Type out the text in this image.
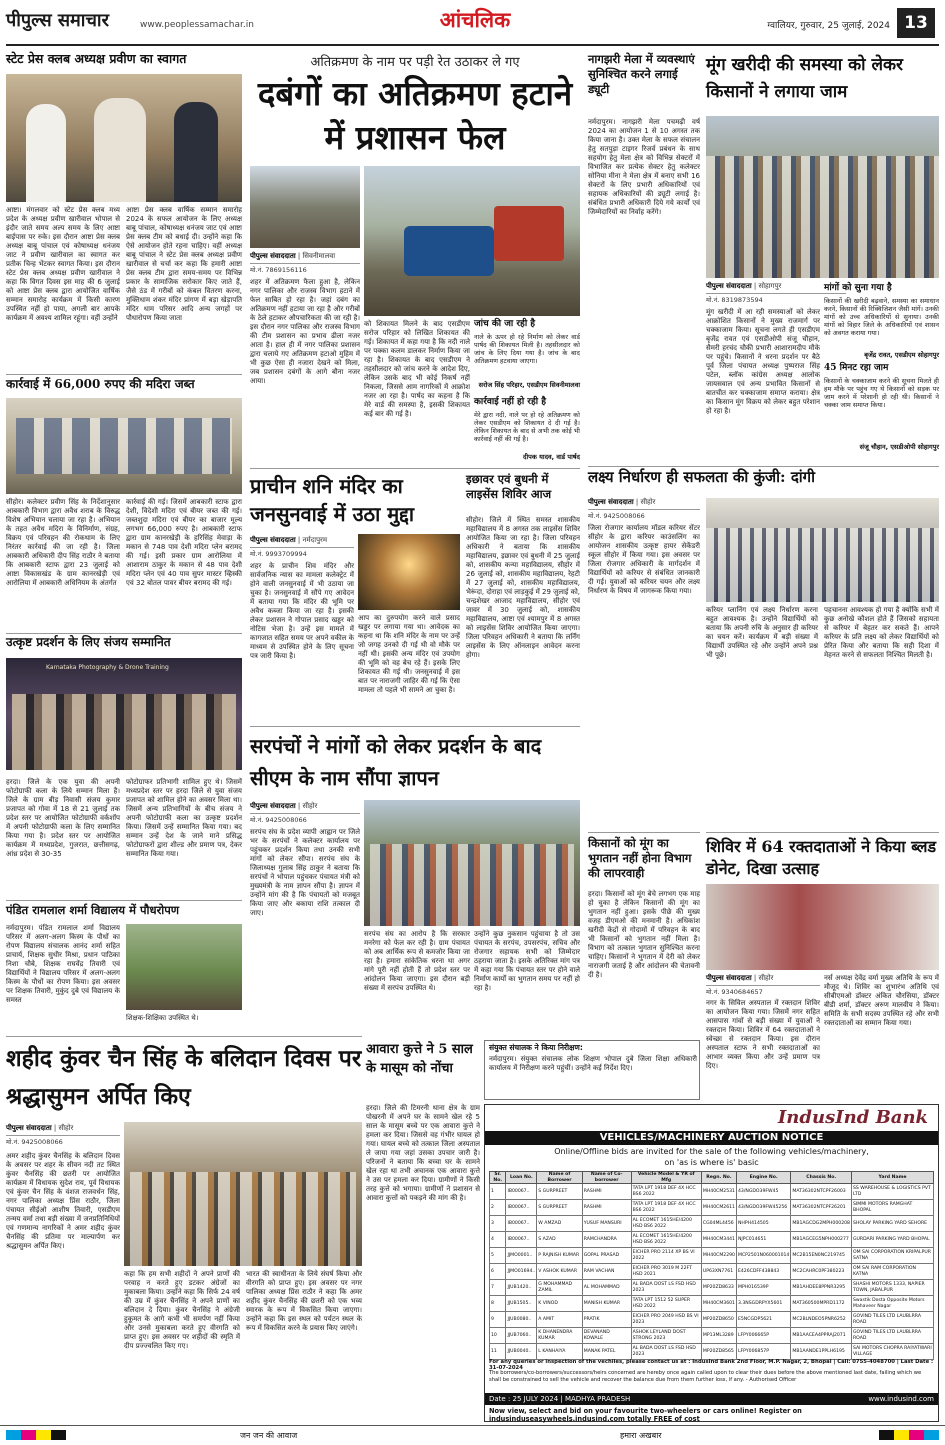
पीपुल्स समाचार	www.peoplessamachar.in	आंचलिक	ग्वालियर, गुरुवार, 25 जुलाई, 2024 13
स्टेट प्रेस क्लब अध्यक्ष प्रवीण का स्वागत
आष्टा। मंगलवार को स्टेट प्रेस क्लब मध्य प्रदेश के अध्यक्ष प्रवीण खारीवाल भोपाल से इंदौर जाते समय अल्प समय के लिए आष्टा बाईपास पर रुके। इस दौरान आष्टा प्रेस क्लब अध्यक्ष बाबू पांचाल एवं कोषाध्यक्ष धनंजय जाट ने प्रवीण खारीवाल का स्वागत कर प्रतीक चिन्ह भेंटकर स्वागत किया। इस दौरान स्टेट प्रेस क्लब अध्यक्ष प्रवीण खारीवाल ने कहा कि विगत दिवस इस माह की 6 जुलाई को आष्टा प्रेस क्लब द्वारा आयोजित वार्षिक सम्मान समारोह कार्यक्रम में किसी कारण उपस्थित नहीं हो पाया, अगली बार आपके कार्यक्रम में अवश्य शामिल रहूंगा। वहीं उन्होंने
आष्टा प्रेस क्लब वार्षिक सम्मान समारोह 2024 के सफल आयोजन के लिए अध्यक्ष बाबू पांचाल, कोषाध्यक्ष धनंजय जाट एवं आष्टा प्रेस क्लब टीम को बधाई दी। उन्होंने कहा कि ऐसे आयोजन होते रहना चाहिए। वहीं अध्यक्ष बाबू पांचाल ने स्टेट प्रेस क्लब अध्यक्ष प्रवीण खारीवाल से चर्चा कर कहा कि हमारी आष्टा प्रेस क्लब टीम द्वारा समय-समय पर विभिन्न प्रकार के सामाजिक सरोकार किए जाते हैं, जैसे ठंड में गरीबों को कंबल वितरण करना, मुक्तिधाम शंकर मंदिर प्रांगण में बड़ा खेड़ापति मंदिर धाम परिसर आदि अन्य जगहों पर पौधारोपण किया जाता
कार्रवाई में 66,000 रुपए की मदिरा जब्त
सीहोर। कलेक्टर प्रवीण सिंह के निर्देशानुसार आबकारी विभाग द्वारा अवैध शराब के विरुद्ध विशेष अभियान चलाया जा रहा है। अभियान के तहत अवैध मदिरा के विनिर्माण, संग्रह, विक्रय एवं परिवहन की रोकथाम के लिए निरंतर कार्रवाई की जा रही है। जिला आबकारी अधिकारी दीप सिंह राठौर ने बताया कि आबकारी स्टाफ द्वारा 23 जुलाई को आष्टा विकासखंड के ग्राम कानरखेड़ी एवं आरोलिया में आबकारी अधिनियम के अंतर्गत
कार्रवाई की गई। जिसमें आबकारी स्टाफ द्वारा देशी, विदेशी मदिरा एवं बीयर जब्त की गई। जब्तशुदा मदिरा एवं बीयर का बाजार मूल्य लगभग 66,000 रुपए है। आबकारी स्टाफ द्वारा ग्राम कानरखेड़ी के हरिसिंह मेवाड़ा के मकान से 748 पाव देशी मदिरा प्लेन बरामद की गई। इसी प्रकार ग्राम आरोलिया में आशाराम ठाकुर के मकान से 48 पाव देशी मदिरा प्लेन एवं 40 पाव सुपर मास्टर व्हिस्की एवं 32 बोतल पावर बीयर बरामद की गई।
उत्कृष्ट प्रदर्शन के लिए संजय सम्मानित
Karnataka Photography & Drone Training
हरदा। जिले के एक युवा की अपनी फोटोग्राफी कला के लिये सम्मान मिला है। जिले के ग्राम बीड़ निवासी संजय कुमार प्रजापत को गोवा में 18 से 21 जुलाई तक प्रदेश स्तर पर आयोजित फोटोग्राफी वर्कशॉप में अपनी फोटोग्राफी कला के लिए सम्मानित किया गया है। प्रदेश स्तर पर आयोजित कार्यक्रम में मध्यप्रदेश, गुजरात, छत्तीसगढ़, आंध्र प्रदेश से 30-35
फोटोग्राफर प्रतिभागी शामिल हुए थे। जिसमें मध्यप्रदेश स्तर पर हरदा जिले से युवा संजय प्रजापत को शामिल होने का अवसर मिला था। जिसमें अन्य प्रतिभागियों के बीच संजय ने अपनी फोटोग्राफी कला का उत्कृष्ट प्रदर्शन किया। जिसमें उन्हें सम्मानित किया गया। बद सम्मान उन्हें देश के जाने माने प्रसिद्ध फोटोग्राफरों द्वारा शील्ड और प्रमाण पत्र, देकर सम्मानित किया गया।
पंडित रामलाल शर्मा विद्यालय में पौधरोपण
नर्मदापुरम। पंडित रामलाल शर्मा विद्यालय परिसर में अलग-अलग किस्म के पौधों का रोपण विद्यालय संचालक आनंद शर्मा सहित प्राचार्य, शिक्षक सुधीर मिश्रा, प्रधान पाठिका निशा चौबे, शिक्षक राघवेंद्र तिवारी एवं विद्यार्थियों ने विद्यालय परिसर में अलग-अलग किस्म के पौधों का रोपण किया। इस अवसर पर शिक्षक तिवारी, मुकुंद दुबे एवं विद्यालय के समस्त
शिक्षक-शिक्षिका उपस्थित थे।
अतिक्रमण के नाम पर पड़ी रेत उठाकर ले गए
दबंगों का अतिक्रमण हटाने में प्रशासन फेल
पीपुल्स संवाददाता | सिवनीमालवा
मो.नं. 7869156116
शहर में अतिक्रमण फैला हुआ है, लेकिन नगर पालिका और राजस्व विभाग हटाने में फेल साबित हो रहा है। जहां दबंग का अतिक्रमण नहीं हटाया जा रहा है और गरीबों के ठेले हटाकर औपचारिकता की जा रही है। इस दौरान नगर पालिका और राजस्व विभाग की टीम प्रशासन का प्रभाव ढीला नजर आता है। हाल ही में नगर पालिका प्रशासन द्वारा चलाये गए अतिक्रमण हटाओ मुहिम में भी कुछ ऐसा ही नजारा देखने को मिला, जब प्रशासन दबंगों के आगे बौना नजर आया।
को शिकायत मिलने के बाद एसडीएम सरोज परिहार को लिखित शिकायत की गई। शिकायत में कहा गया है कि नदी नाले पर पक्का कलम डालकर निर्माण किया जा रहा है। शिकायत के बाद एसडीएम ने तहसीलदार को जांच करने के आदेश दिए, लेकिन उसके बाद भी कोई निकर्ष नहीं निकला, जिससे आम नागरिकों में आक्रोश नजर आ रहा है। पार्षद का कहना है कि मेरे वार्ड की समस्या है, इसकी शिकायत कई बार की गई है।
जांच की जा रही है
नाले के ऊपर हो रहे निर्माण को लेकर वार्ड पार्षद की शिकायत मिली है। तहसीलदार को जांच के लिए दिया गया है। जांच के बाद अतिक्रमण हटवाया जाएगा।
सरोज सिंह परिहार, एसडीएम सिवनीमालवा
कार्रवाई नहीं हो रही है
मेरे द्वारा नदी, नाले पर हो रहे अतिक्रमण को लेकर एसडीएम को शिकायत दे दी गई है। लेकिन शिकायत के बाद से अभी तक कोई भी कार्रवाई नहीं की गई है।
दीपक यादव, वार्ड पार्षद
प्राचीन शनि मंदिर का जनसुनवाई में उठा मुद्दा
पीपुल्स संवाददाता | नर्मदापुरम
मो.नं. 9993709994
शहर के प्राचीन शिव मंदिर और सार्वजनिक न्यास का मामला कलेक्ट्रेट में होने वाली जनसुनवाई में भी उठाया जा चुका है। जनसुनवाई में सौंपे गए आवेदन में बताया गया कि मंदिर की भूमि पर अवैध कब्जा किया जा रहा है। इसकी लेकर प्रशासन ने गोपाल प्रसाद खड्डर को नोटिस भेजा है। उन्हें इस मामले में कागजात सहित समय पर अपने वकील के माध्यम से उपस्थित होने के लिए सूचना पत्र जारी किया है।
आप का दुरुपयोग करने वाले प्रसाद खड्डर पर लगाया गया था। आवेदक का कहना था कि शनि मंदिर के नाम पर उन्हें जो जगह उनको दी गई थी वो मौके पर नहीं थी। इसकी अन्य मंदिर एवं उपयोग की भूमि को वह बेच रहे हैं। इसके लिए शिकायत की गई थी। जनसुनवाई में इस बात पर नाराजगी जाहिर की गई कि ऐसा मामला तो पहले भी सामने आ चुका है।
इछावर एवं बुधनी में लाइसेंस शिविर आज
सीहोर। जिले में स्थित समस्त शासकीय महाविद्यालय में 8 अगस्त तक लाइसेंस शिविर आयोजित किया जा रहा है। जिला परिवहन अधिकारी ने बताया कि शासकीय महाविद्यालय, इछावर एवं बुधनी में 25 जुलाई को, शासकीय कन्या महाविद्यालय, सीहोर में 26 जुलाई को, शासकीय महाविद्यालय, रेहटी में 27 जुलाई को, शासकीय महाविद्यालय, भैरूंदा, दोराहा एवं लाड़कुई में 29 जुलाई को, चन्द्रशेखर आजाद महाविद्यालय, सीहोर एवं जावर में 30 जुलाई को, शासकीय महाविद्यालय, आष्टा एवं श्यामपुर में 8 अगस्त को लाइसेंस शिविर आयोजित किया जाएगा। जिला परिवहन अधिकारी ने बताया कि लर्निंग लाइसेंस के लिए ऑनलाइन आवेदन करना होगा।
सरपंचों ने मांगों को लेकर प्रदर्शन के बाद सीएम के नाम सौंपा ज्ञापन
पीपुल्स संवाददाता | सीहोर
मो.नं. 9425008066
सरपंच संघ के प्रदेश व्यापी आह्वान पर जिले भर के सरपंचों ने कलेक्टर कार्यालय पर पहुंचकर प्रदर्शन किया तथा उनकी सभी मांगों को लेकर सौंपा। सरपंच संघ के जिलाध्यक्ष गुलाब सिंह ठाकुर ने बताया कि सरपंचों ने भोपाल पहुंचकर पंचायत मंत्री को मुख्यमंत्री के नाम ज्ञापन सौंपा है। ज्ञापन में उन्होंने मांग की है कि पंचायतों को मजबूत किया जाए और बकाया राशि तत्काल दी जाए।
सरपंच संघ का आरोप है कि सरकार मनरेगा को फेल कर रही है। ग्राम पंचायत को अब आर्थिक रूप से कमजोर किया जा रहा है। हमारा सांकेतिक धरना था अगर मांगे पूरी नहीं होती हैं तो प्रदेश स्तर पर आंदोलन किया जाएगा। इस दौरान बड़ी संख्या में सरपंच उपस्थित थे।
उन्होंने कुछ नुकसान पहुंचाया है तो उस पंचायत के सरपंच, उपसरपंच, सचिव और रोजगार सहायक सभी को जिम्मेदार ठहराया जाता है। इसके अतिरिक्त मांग पत्र में कहा गया कि पंचायत स्तर पर होने वाले निर्माण कार्यों का भुगतान समय पर नहीं हो रहा है।
शहीद कुंवर चैन सिंह के बलिदान दिवस पर श्रद्धासुमन अर्पित किए
पीपुल्स संवाददाता | सीहोर
मो.नं. 9425008066
अमर शहीद कुंवर चैनसिंह के बलिदान दिवस के अवसर पर शहर के सीवन नदी तट स्थित कुंवर चैनसिंह की छतरी पर आयोजित कार्यक्रम में विधायक सुदेश राय, पूर्व विधायक एवं कुंवर चैन सिंह के वंशज राजवर्धन सिंह, नगर पालिका अध्यक्ष प्रिंस राठौर, जिला पंचायत सीईओ आशीष तिवारी, एसडीएम तन्मय वर्मा तथा बड़ी संख्या में जनप्रतिनिधियों एवं गणमान्य नागरिकों ने अमर शहीद कुंवर चैनसिंह की प्रतिमा पर माल्यार्पण कर श्रद्धासुमन अर्पित किए।
कहा कि हम सभी शहीदों ने अपने प्राणों की परवाह न करते हुए डटकर अंग्रेजों का मुकाबला किया। उन्होंने कहा कि सिर्फ 24 वर्ष की उम्र में कुंवर चैनसिंह ने अपने प्राणों का बलिदान दे दिया। कुंवर चैनसिंह ने अंग्रेजी हुकूमत के आगे कभी भी समर्पण नहीं किया और उनसे मुकाबला करते हुए वीरगति को प्राप्त हुए। इस अवसर पर शहीदों की स्मृति में दीप प्रज्ज्वलित किए गए।
भारत की स्वाधीनता के लिये संघर्ष किया और वीरगति को प्राप्त हुए। इस अवसर पर नगर पालिका अध्यक्ष प्रिंस राठौर ने कहा कि अमर शहीद कुंवर चैनसिंह की छतरी को एक भव्य स्मारक के रूप में विकसित किया जाएगा। उन्होंने कहा कि इस स्थल को पर्यटन स्थल के रूप में विकसित करने के प्रयास किए जाएंगे।
आवारा कुत्ते ने 5 साल के मासूम को नोंचा
हरदा। जिले की टिमरनी थाना क्षेत्र के ग्राम पोखरनी में अपने घर के सामने खेल रहे 5 साल के मासूम बच्चे पर एक आवारा कुत्ते ने हमला कर दिया। जिससे वह गंभीर घायल हो गया। घायल बच्चे को तत्काल जिला अस्पताल ले जाया गया जहां उसका उपचार जारी है। परिजनों ने बताया कि बच्चा घर के सामने खेल रहा था तभी अचानक एक आवारा कुत्ते ने उस पर हमला कर दिया। ग्रामीणों ने किसी तरह कुत्ते को भगाया। ग्रामीणों ने प्रशासन से आवारा कुत्तों को पकड़ने की मांग की है।
नागझरी मेला में व्यवस्थाएं सुनिश्चित करने लगाई ड्यूटी
नर्मदापुरम। नागझरी मेला पचमढ़ी वर्ष 2024 का आयोजन 1 से 10 अगस्त तक किया जाना है। उक्त मेला के सफल संचालन हेतु सतपुड़ा टाइगर रिजर्व प्रबंधन के साथ सहयोग हेतु मेला क्षेत्र को विभिन्न सेक्टरों में विभाजित कर प्रत्येक सेक्टर हेतु कलेक्टर सोनिया मीना ने मेला क्षेत्र में बनाए सभी 16 सेक्टरों के लिए प्रभारी अधिकारियों एवं सहायक अधिकारियों की ड्यूटी लगाई है। संबंधित प्रभारी अधिकारी दिये गये कार्यों एवं जिम्मेदारियों का निर्वाह करेंगे।
किसानों को मूंग का भुगतान नहीं होना विभाग की लापरवाही
हरदा। किसानों को मूंग बेचे लगभग एक माह हो चुका है लेकिन किसानों की मूंग का भुगतान नहीं हुआ। इसके पीछे की मुख्य वजह डीएमओ की मनमानी है। अधिकांश खरीदी केंद्रों से गोदामों में परिवहन के बाद भी किसानों को भुगतान नहीं मिला है। विभाग को तत्काल भुगतान सुनिश्चित करना चाहिए। किसानों ने भुगतान में देरी को लेकर नाराजगी जताई है और आंदोलन की चेतावनी दी है।
संयुक्त संचालक ने किया निरीक्षण:
नर्मदापुरम। संयुक्त संचालक लोक शिक्षण भोपाल दुबे जिला शिक्षा अधिकारी कार्यालय में निरीक्षण करने पहुंचीं। उन्होंने कई निर्देश दिए।
मूंग खरीदी की समस्या को लेकर किसानों ने लगाया जाम
पीपुल्स संवाददाता | सोहागपुर
मो.नं. 8319873594
मूंग खरीदी में आ रही समस्याओं को लेकर आक्रोशित किसानों ने मुख्य राजमार्ग पर चक्काजाम किया। सूचना लगते ही एसडीएम बृजेंद्र रावत एवं एसडीओपी संजू चौहान, सैमरी हरचंद चौकी प्रभारी आशारामदीप मौके पर पहुंचे। किसानों ने धरना प्रदर्शन पर बैठे पूर्व जिला पंचायत अध्यक्ष पुष्पराज सिंह पटेल, ब्लॉक कांग्रेस अध्यक्ष आलोक जायसवाल एवं अन्य प्रभावित किसानों से बातचीत कर चक्काजाम समाप्त कराया। क्षेत्र का किसान मूंग विक्रय को लेकर बहुत परेशान हो रहा है।
मांगों को सुना गया है
किसानों की खरीदी बढ़वाने, समस्या का समाधान करने, किसानों की रिक्विजिशन जैसी मांगें। उनकी मांगों को उच्च अधिकारियों से सुनाया। उनकी मांगों को विहार जिले के अधिकारियों एवं शासन को अवगत कराया गया।
बृजेंद्र रावत, एसडीएम सोहागपुर
45 मिनट रहा जाम
किसानों के चक्काजाम करने की सूचना मिलते ही हम मौके पर पहुंच गए थे किसानों को सड़क पर जाम करने में परेशानी हो रही थी। किसानों ने चक्का जाम समाप्त किया।
संजू चौहान, एसडीओपी सोहागपुर
लक्ष्य निर्धारण ही सफलता की कुंजी: दांगी
पीपुल्स संवाददाता | सीहोर
मो.नं. 9425008066
जिला रोजगार कार्यालय मॉडल करियर सेंटर सीहोर के द्वारा करियर काउंसलिंग का आयोजन शासकीय उत्कृष्ट हायर सेकेंडरी स्कूल सीहोर में किया गया। इस अवसर पर जिला रोजगार अधिकारी के मार्गदर्शन में विद्यार्थियों को करियर से संबंधित जानकारी दी गई। युवाओं को करियर चयन और लक्ष्य निर्धारण के विषय में जागरूक किया गया।
करियर प्लानिंग एवं लक्ष्य निर्धारण करना बहुत आवश्यक है। उन्होंने विद्यार्थियों को बताया कि अपनी रुचि के अनुसार ही करियर का चयन करें। कार्यक्रम में बड़ी संख्या में विद्यार्थी उपस्थित रहे और उन्होंने अपने प्रश्न भी पूछे।
पहचानना आवश्यक हो गया है क्योंकि सभी में कुछ अनोखे कौशल होते हैं जिसको सहायता से करियर में बेहतर कर सकते हैं। आपने करियर के प्रति लक्ष्य को लेकर विद्यार्थियों को प्रेरित किया और बताया कि सही दिशा में मेहनत करने से सफलता निश्चित मिलती है।
शिविर में 64 रक्तदाताओं ने किया ब्लड डोनेट, दिखा उत्साह
पीपुल्स संवाददाता | सीहोर
मो.नं. 9340684657
नगर के सिविल अस्पताल में रक्तदान शिविर का आयोजन किया गया। जिसमें नगर सहित आसपास गांवों से बड़ी संख्या में युवाओं ने रक्तदान किया। शिविर में 64 रक्तदाताओं ने स्वेच्छा से रक्तदान किया। इस दौरान अस्पताल स्टाफ ने सभी रक्तदाताओं का आभार व्यक्त किया और उन्हें प्रमाण पत्र दिए।
नर्स अध्यक्ष देवेंद्र वर्मा मुख्य अतिथि के रूप में मौजूद थे। शिविर का शुभारंभ अतिथि एवं सीबीएमओ डॉक्टर अंकित चौरसिया, डॉक्टर बीडी शर्मा, डॉक्टर अरुण मालवीय ने किया। समिति के सभी सदस्य उपस्थित रहे और सभी रक्तदाताओं का सम्मान किया गया।
IndusInd Bank
VEHICLES/MACHINERY AUCTION NOTICE
Online/Offline bids are invited for the sale of the following vehicles/machinery,
on 'as is where is' basic
Sr. No.	Loan No.	Name of Borrower	Name of Co-borrower	Vehicle Model & YR of Mfg	Regn. No.	Engine No.	Chassis No.	Yard Name
1	IB00067..	S GURPREET	RASHMI	TATA LPT 1918 DEF 4X HCC BS6 2022	MH40CM2531	43/NGDO39FW45	MAT36302NTCPF26003	SS WAREHOUSE & LOGISTICS PVT LTD
2	IB00067..	S GURPREET	RASHMI	TATA LPT 1918 DEF 4X HCC BS6 2022	MH40CM2611	43/NGDO39FW45256	MAT36302NTCPF26201	SIMMI MOTORS RAMGHAT BHOPAL
3	IB00067..	W AMZAD	YUSUF MANSURI	AL ECOMET 1615HE/4200 HSD BS6 2022	CG04ML4456	NHPH414505	MB1AGCDG2MPH000208	SHOLAY PARKING YARD SEHORE
4	IB00067..	S AZAD	RAMCHANDRA	AL ECOMET 1615HE/4200 HSD BS6 2022	MH40CM3441	NJPC014651	MB1AGCEG5NPH000277	GURDARI PARKING YARD BHOPAL
5	JJMO0001..	P RAJNISH KUMAR	GOPAL PRASAD	EICHER PRO 2114 XP BS VI 2022	MH40CM2290	MCP2501N060001014	MC2B15EN0NC219745	OM SAI CORPORATION KRIPALPUR SATNA
6	JJMO01694..	V ASHOK KUMAR	RAM VACHAN	EICHER PRO 3019 M 22FT HSD 2021	UP63XN7761	E426CDFF438843	MC2CAHRC0PF380223	OM SAI RAM CORPORATION KATNA
7	JJUB1420..	G MOHAMMAD ZAMIL	AL MOHAMMAD	AL BADA DOST LS FSD HSD 2023	MP20ZD8633	MPH016539P	MB1AHDEE8PPNR3295	SHASHI MOTORS 1333, NAPIER TOWN, JABALPUR
8	JJUB1505..	K VINOD	MANISH KUMAR	TATA LPT 1512 52 SUPER HSD 2022	MH40CM3601	3.3NSGDRPYX5601	MAT360500MPRD1172	Swastik Dosta Opposite Motors Mahaveer Nagar
9	JJUB0080..	A AMIT	PRATIK	EICHER PRO 2049 HSD BS VI 2023	MP20ZD8650	E5NCGDP5621	MC2BLNDEO5PNR6252	GOVIND TILES LTD LAUBLRRA ROAD
10	JJUB7060..	K DHANENDRA KUMAR	DEVANAND KOWALE	ASHOK LEYLAND DOST STRONG 2023	MP13ML3289	LFPY006665P	MB1AACEA4PPRAJ2071	GOVIND TILES LTD LAUBLRRA ROAD
11	JJUB0040..	L KANHAIYA	MANAK PATEL	AL BADA DOST LS FSD HSD 2023	MP20ZD8565	LFPY006857P	MB1AANDE1PPLH6195	SAI MOTORS CHOPRA RAIYATWARI VILLAGE
For any queries or inspection of the vechiles, please contact us at : IndusInd Bank 2nd Floor, M.P. Nagar, 2, Bhopal | Call: 0755-4048700 | Last Date : 31-07-2024
The borrowers/co-borrowers/successors/heirs concerned are hereby once again called upon to clear their dues before the above mentioned last date, failing which we shall be constrained to sell the vehicle and recover the balance due from them further loss, if any. - Authorised Officer
Date : 25 JULY 2024 | MADHYA PRADESH	www.indusind.com
Now view, select and bid on your favourite two-wheelers or cars online! Register on indusinduseasywheels.indusind.com totally FREE of cost
जन जन की आवाज	हमारा अखबार
